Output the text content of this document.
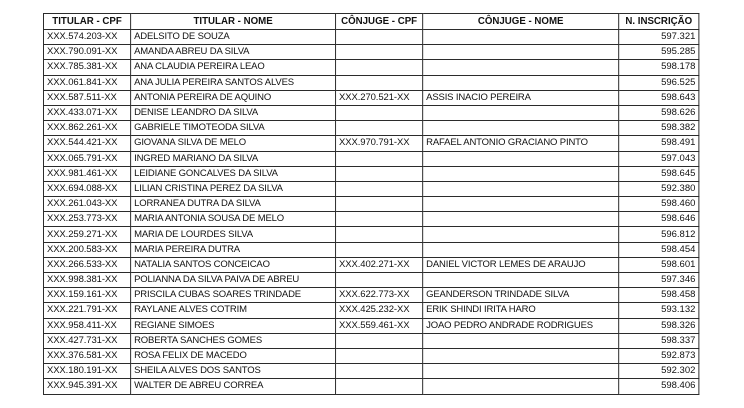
TITULAR - CPF	TITULAR - NOME	CÔNJUGE - CPF	CÔNJUGE - NOME	N. INSCRIÇÃO
XXX.574.203-XX	ADELSITO DE SOUZA			597.321
XXX.790.091-XX	AMANDA ABREU DA SILVA			595.285
XXX.785.381-XX	ANA CLAUDIA PEREIRA LEAO			598.178
XXX.061.841-XX	ANA JULIA PEREIRA SANTOS ALVES			596.525
XXX.587.511-XX	ANTONIA PEREIRA DE AQUINO	XXX.270.521-XX	ASSIS INACIO PEREIRA	598.643
XXX.433.071-XX	DENISE LEANDRO DA SILVA			598.626
XXX.862.261-XX	GABRIELE TIMOTEODA SILVA			598.382
XXX.544.421-XX	GIOVANA SILVA DE MELO	XXX.970.791-XX	RAFAEL ANTONIO GRACIANO PINTO	598.491
XXX.065.791-XX	INGRED MARIANO DA SILVA			597.043
XXX.981.461-XX	LEIDIANE GONCALVES DA SILVA			598.645
XXX.694.088-XX	LILIAN CRISTINA PEREZ DA SILVA			592.380
XXX.261.043-XX	LORRANEA DUTRA DA SILVA			598.460
XXX.253.773-XX	MARIA ANTONIA SOUSA DE MELO			598.646
XXX.259.271-XX	MARIA DE LOURDES SILVA			596.812
XXX.200.583-XX	MARIA PEREIRA DUTRA			598.454
XXX.266.533-XX	NATALIA SANTOS CONCEICAO	XXX.402.271-XX	DANIEL VICTOR LEMES DE ARAUJO	598.601
XXX.998.381-XX	POLIANNA DA SILVA PAIVA DE ABREU			597.346
XXX.159.161-XX	PRISCILA CUBAS SOARES TRINDADE	XXX.622.773-XX	GEANDERSON TRINDADE SILVA	598.458
XXX.221.791-XX	RAYLANE ALVES COTRIM	XXX.425.232-XX	ERIK SHINDI IRITA HARO	593.132
XXX.958.411-XX	REGIANE SIMOES	XXX.559.461-XX	JOAO PEDRO ANDRADE RODRIGUES	598.326
XXX.427.731-XX	ROBERTA SANCHES GOMES			598.337
XXX.376.581-XX	ROSA FELIX DE MACEDO			592.873
XXX.180.191-XX	SHEILA ALVES DOS SANTOS			592.302
XXX.945.391-XX	WALTER DE ABREU CORREA			598.406
